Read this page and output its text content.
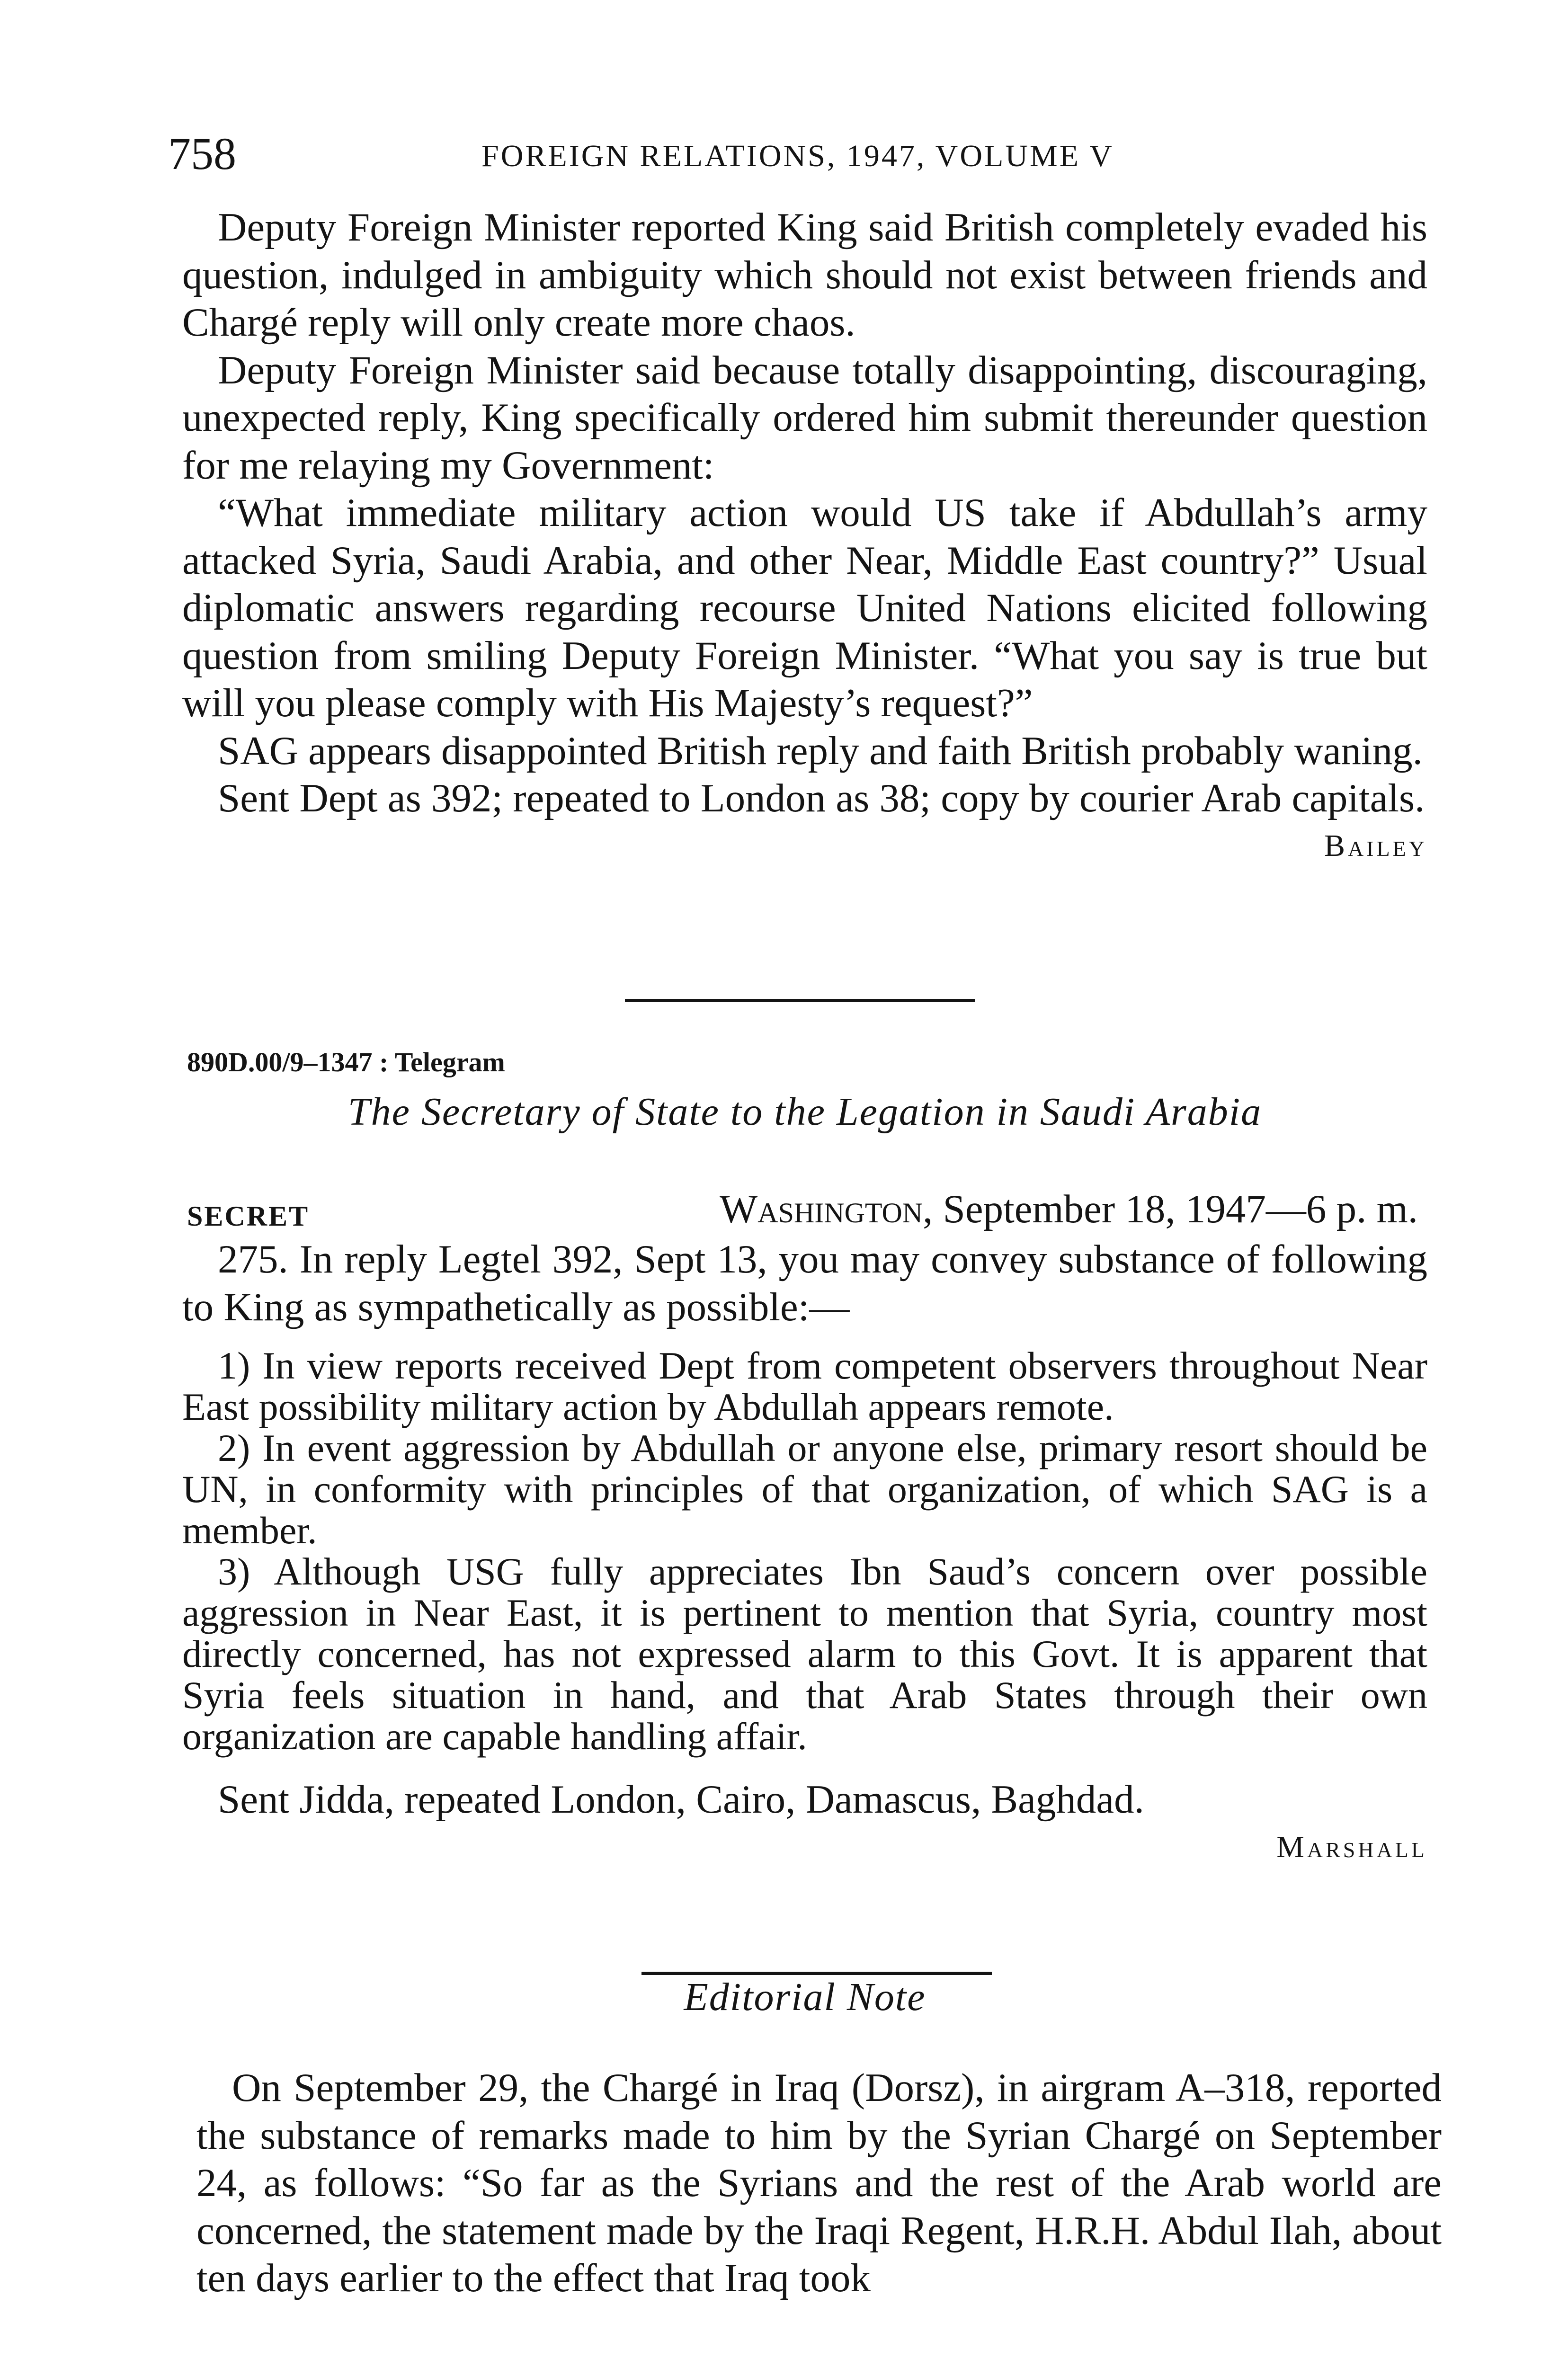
758	FOREIGN RELATIONS, 1947, VOLUME V

Deputy Foreign Minister reported King said British completely evaded his question, indulged in ambiguity which should not exist between friends and Chargé reply will only create more chaos.

Deputy Foreign Minister said because totally disappointing, discouraging, unexpected reply, King specifically ordered him submit thereunder question for me relaying my Government:

“What immediate military action would US take if Abdullah’s army attacked Syria, Saudi Arabia, and other Near, Middle East country?” Usual diplomatic answers regarding recourse United Nations elicited following question from smiling Deputy Foreign Minister. “What you say is true but will you please comply with His Majesty’s request?”

SAG appears disappointed British reply and faith British probably waning.

Sent Dept as 392; repeated to London as 38; copy by courier Arab capitals.

Bailey
890D.00/9–1347 : Telegram
The Secretary of State to the Legation in Saudi Arabia
SECRET	Washington, September 18, 1947—6 p. m.

275. In reply Legtel 392, Sept 13, you may convey substance of following to King as sympathetically as possible:—

1) In view reports received Dept from competent observers throughout Near East possibility military action by Abdullah appears remote.

2) In event aggression by Abdullah or anyone else, primary resort should be UN, in conformity with principles of that organization, of which SAG is a member.

3) Although USG fully appreciates Ibn Saud’s concern over possible aggression in Near East, it is pertinent to mention that Syria, country most directly concerned, has not expressed alarm to this Govt. It is apparent that Syria feels situation in hand, and that Arab States through their own organization are capable handling affair.

Sent Jidda, repeated London, Cairo, Damascus, Baghdad.

Marshall
Editorial Note

On September 29, the Chargé in Iraq (Dorsz), in airgram A–318, reported the substance of remarks made to him by the Syrian Chargé on September 24, as follows: “So far as the Syrians and the rest of the Arab world are concerned, the statement made by the Iraqi Regent, H.R.H. Abdul Ilah, about ten days earlier to the effect that Iraq took
